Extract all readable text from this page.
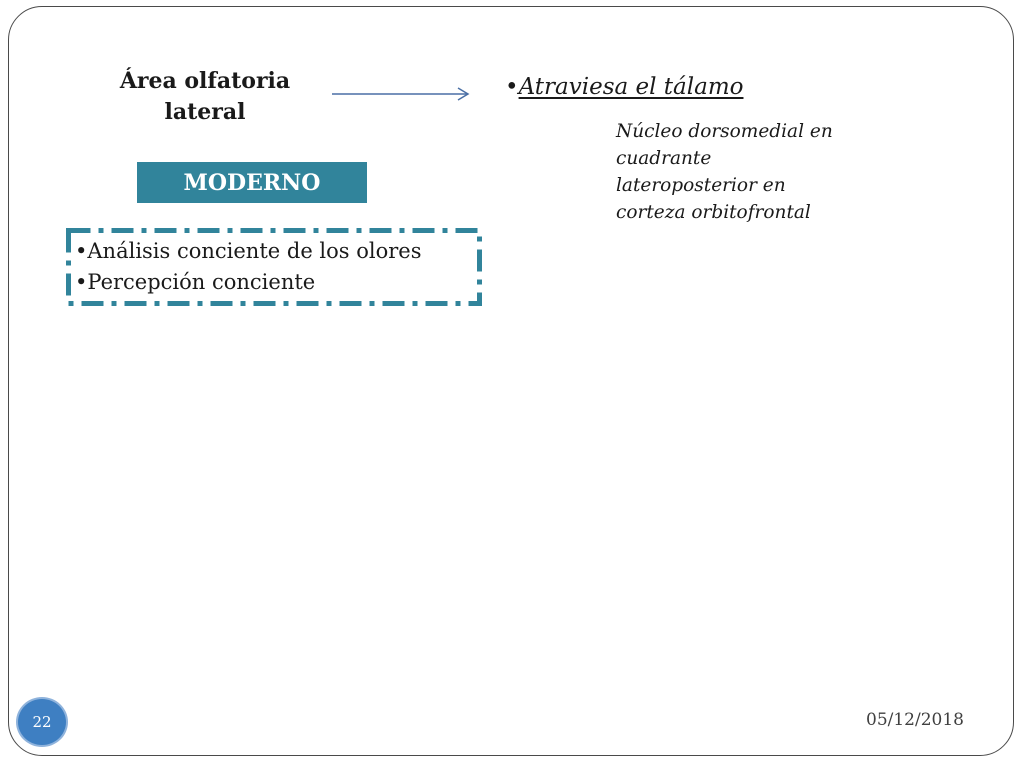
Área olfatoria
lateral
•Atraviesa el tálamo
Núcleo dorsomedial en
cuadrante
lateroposterior en
corteza orbitofrontal
MODERNO
•Análisis conciente de los olores
•Percepción conciente
22	05/12/2018
